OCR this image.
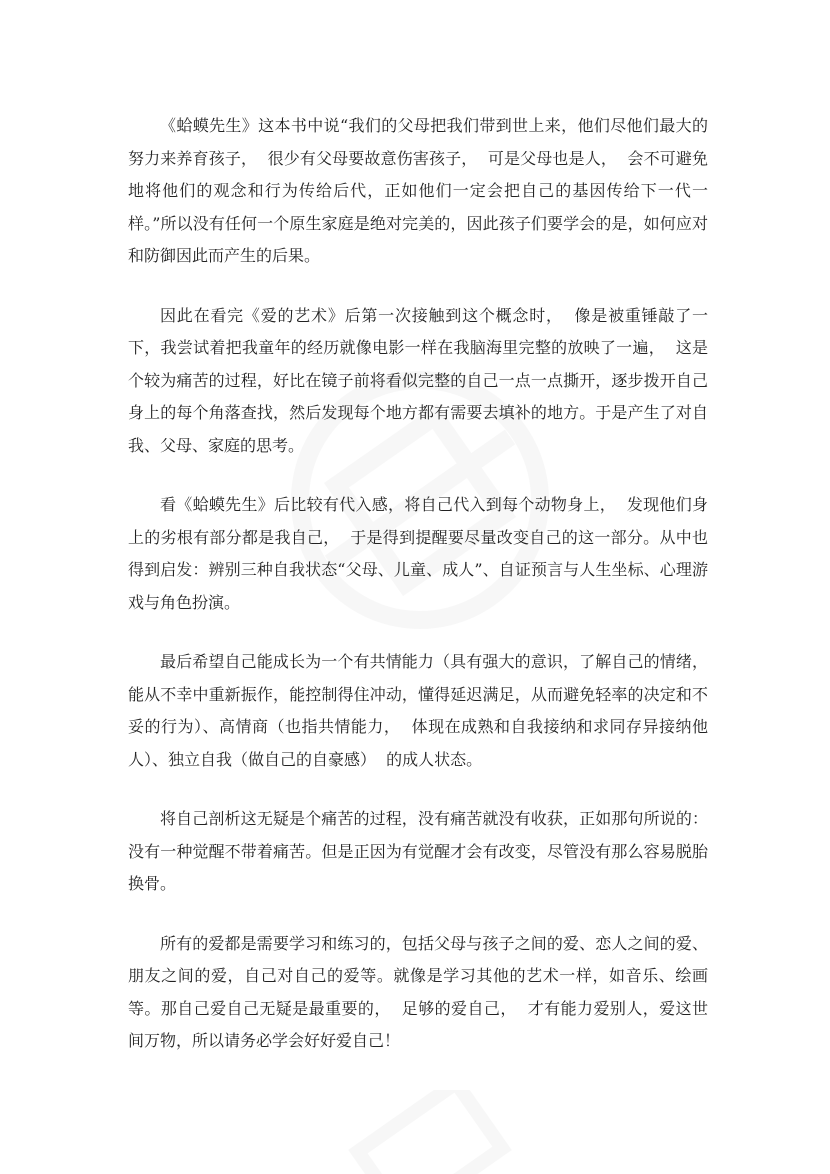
《蛤蟆先生》这本书中说“我们的父母把我们带到世上来，他们尽他们最大的努力来养育孩子，  很少有父母要故意伤害孩子，  可是父母也是人，  会不可避免地将他们的观念和行为传给后代，正如他们一定会把自己的基因传给下一代一样。”所以没有任何一个原生家庭是绝对完美的，因此孩子们要学会的是，如何应对和防御因此而产生的后果。

因此在看完《爱的艺术》后第一次接触到这个概念时，  像是被重锤敲了一下，我尝试着把我童年的经历就像电影一样在我脑海里完整的放映了一遍，  这是个较为痛苦的过程，好比在镜子前将看似完整的自己一点一点撕开，逐步拨开自己身上的每个角落查找，然后发现每个地方都有需要去填补的地方。于是产生了对自我、父母、家庭的思考。

看《蛤蟆先生》后比较有代入感，将自己代入到每个动物身上，  发现他们身上的劣根有部分都是我自己，  于是得到提醒要尽量改变自己的这一部分。从中也得到启发：辨别三种自我状态“父母、儿童、成人”、自证预言与人生坐标、心理游戏与角色扮演。

最后希望自己能成长为一个有共情能力（具有强大的意识，了解自己的情绪，能从不幸中重新振作，能控制得住冲动，懂得延迟满足，从而避免轻率的决定和不妥的行为）、高情商（也指共情能力，  体现在成熟和自我接纳和求同存异接纳他人）、独立自我（做自己的自豪感）  的成人状态。

将自己剖析这无疑是个痛苦的过程，没有痛苦就没有收获，正如那句所说的：没有一种觉醒不带着痛苦。但是正因为有觉醒才会有改变，尽管没有那么容易脱胎换骨。

所有的爱都是需要学习和练习的，包括父母与孩子之间的爱、恋人之间的爱、朋友之间的爱，自己对自己的爱等。就像是学习其他的艺术一样，如音乐、绘画等。那自己爱自己无疑是最重要的，  足够的爱自己，  才有能力爱别人，爱这世间万物，所以请务必学会好好爱自己！
